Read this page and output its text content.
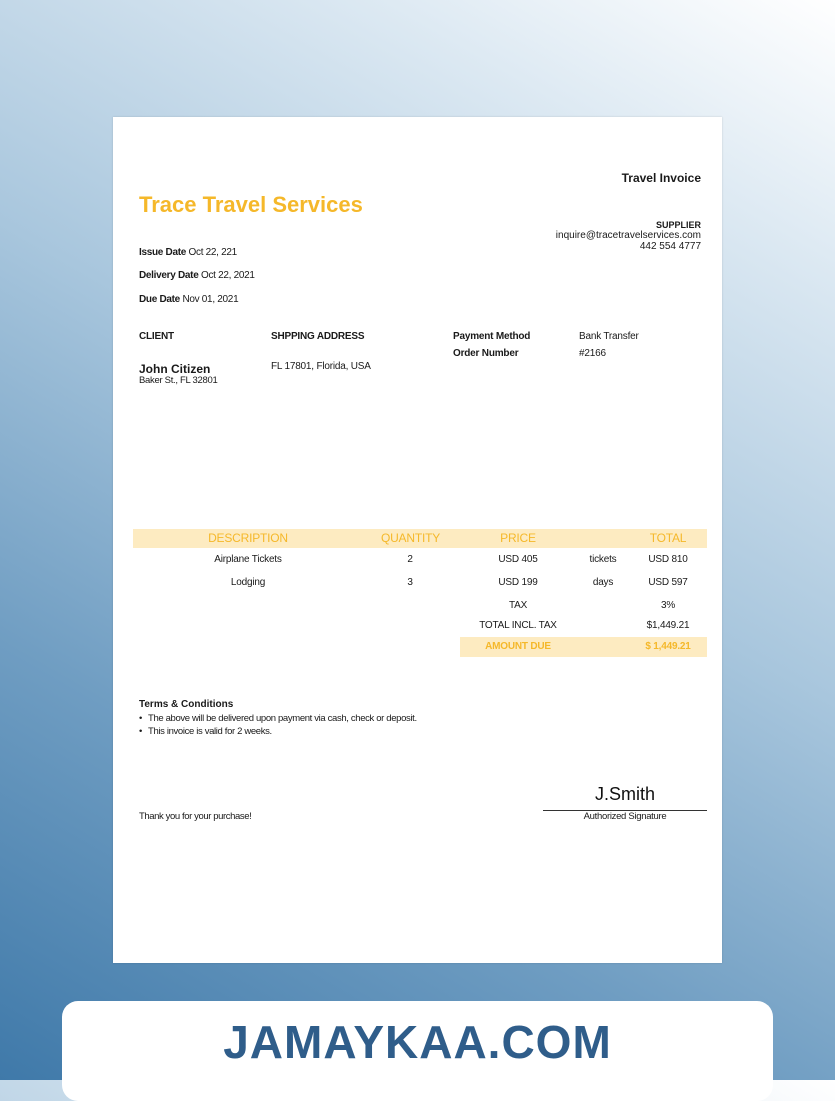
Travel Invoice
Trace Travel Services
SUPPLIER
inquire@tracetravelservices.com
442 554 4777
Issue Date Oct 22, 221
Delivery Date Oct 22, 2021
Due Date Nov 01, 2021
CLIENT
John Citizen
Baker St., FL 32801
SHPPING ADDRESS
FL 17801, Florida, USA
Payment Method	Bank Transfer
Order Number	#2166
DESCRIPTION	QUANTITY	PRICE	TOTAL
Airplane Tickets	2	USD 405	tickets	USD 810
Lodging	3	USD 199	days	USD 597
TAX	3%
TOTAL INCL. TAX	$1,449.21
AMOUNT DUE	$ 1,449.21
Terms & Conditions
• The above will be delivered upon payment via cash, check or deposit.
• This invoice is valid for 2 weeks.
Thank you for your purchase!
J.Smith
Authorized Signature
JAMAYKAA.COM
